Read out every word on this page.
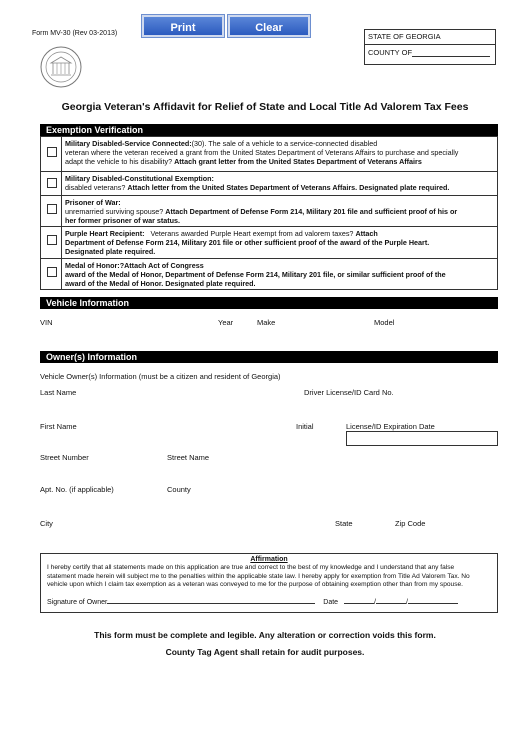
Form MV-30 (Rev 03-2013)	Print	Clear
STATE OF GEORGIA
COUNTY OF
Georgia Veteran's Affidavit for Relief of State and Local Title Ad Valorem Tax Fees
Exemption Verification
Military Disabled-Service Connected:(30). The sale of a vehicle to a service-connected disabled
veteran where the veteran received a grant from the United States Department of Veterans Affairs to purchase and specially
adapt the vehicle to his disability? Attach grant letter from the United States Department of Veterans Affairs
Military Disabled-Constitutional Exemption:
disabled veterans? Attach letter from the United States Department of Veterans Affairs. Designated plate required.
Prisoner of War:
unremarried surviving spouse? Attach Department of Defense Form 214, Military 201 file and sufficient proof of his or
her former prisoner of war status.
Purple Heart Recipient: Veterans awarded Purple Heart exempt from ad valorem taxes? Attach
Department of Defense Form 214, Military 201 file or other sufficient proof of the award of the Purple Heart.
Designated plate required.
Medal of Honor:?Attach Act of Congress
award of the Medal of Honor, Department of Defense Form 214, Military 201 file, or similar sufficient proof of the
award of the Medal of Honor. Designated plate required.
Vehicle Information
VIN	Year	Make	Model
Owner(s) Information
Vehicle Owner(s) Information (must be a citizen and resident of Georgia)
Last Name	Driver License/ID Card No.
First Name	Initial	License/ID Expiration Date
Street Number	Street Name
Apt. No. (if applicable)	County
City	State	Zip Code
Affirmation
I hereby certify that all statements made on this application are true and correct to the best of my knowledge and I understand that any false
statement made herein will subject me to the penalties within the applicable state law. I hereby apply for exemption from Title Ad Valorem Tax. No
vehicle upon which I claim tax exemption as a veteran was conveyed to me for the purpose of obtaining exemption other than from my spouse.
Signature of Owner	Date	/	/
This form must be complete and legible. Any alteration or correction voids this form.
County Tag Agent shall retain for audit purposes.
